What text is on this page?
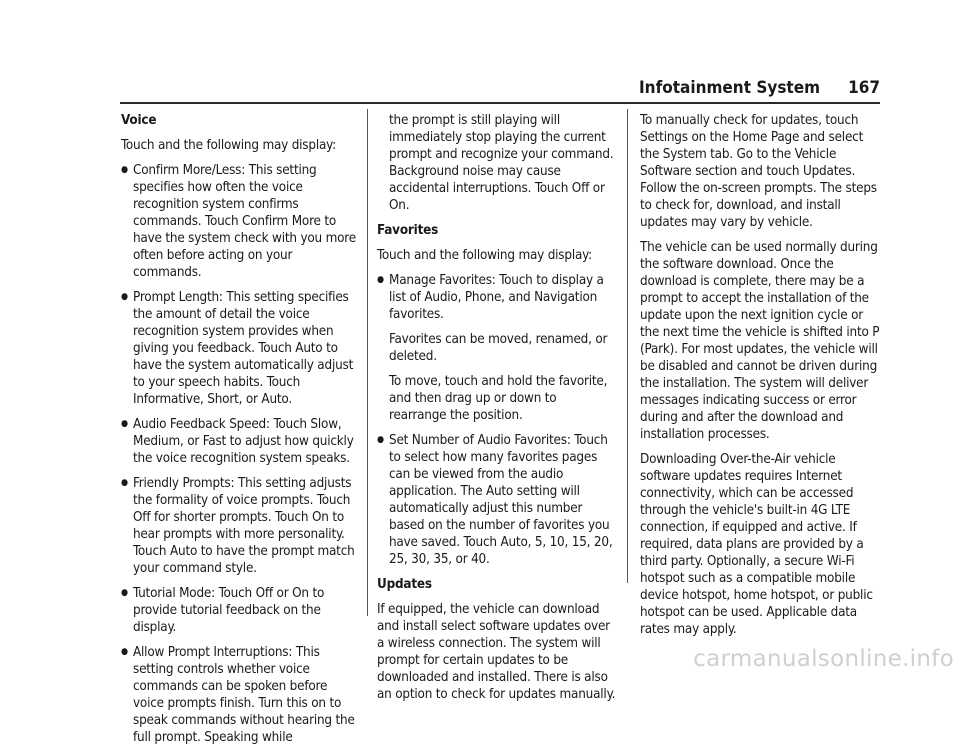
Infotainment System 167
Voice

Touch and the following may display:

● Confirm More/Less: This setting specifies how often the voice recognition system confirms commands. Touch Confirm More to have the system check with you more often before acting on your commands.
● Prompt Length: This setting specifies the amount of detail the voice recognition system provides when giving you feedback. Touch Auto to have the system automatically adjust to your speech habits. Touch Informative, Short, or Auto.
● Audio Feedback Speed: Touch Slow, Medium, or Fast to adjust how quickly the voice recognition system speaks.
● Friendly Prompts: This setting adjusts the formality of voice prompts. Touch Off for shorter prompts. Touch On to hear prompts with more personality. Touch Auto to have the prompt match your command style.
● Tutorial Mode: Touch Off or On to provide tutorial feedback on the display.
● Allow Prompt Interruptions: This setting controls whether voice commands can be spoken before voice prompts finish. Turn this on to speak commands without hearing the full prompt. Speaking while

the prompt is still playing will immediately stop playing the current prompt and recognize your command. Background noise may cause accidental interruptions. Touch Off or On.

Favorites

Touch and the following may display:

● Manage Favorites: Touch to display a list of Audio, Phone, and Navigation favorites.

Favorites can be moved, renamed, or deleted.

To move, touch and hold the favorite, and then drag up or down to rearrange the position.

● Set Number of Audio Favorites: Touch to select how many favorites pages can be viewed from the audio application. The Auto setting will automatically adjust this number based on the number of favorites you have saved. Touch Auto, 5, 10, 15, 20, 25, 30, 35, or 40.
Updates

If equipped, the vehicle can download and install select software updates over a wireless connection. The system will prompt for certain updates to be downloaded and installed. There is also an option to check for updates manually.

To manually check for updates, touch Settings on the Home Page and select the System tab. Go to the Vehicle Software section and touch Updates. Follow the on-screen prompts. The steps to check for, download, and install updates may vary by vehicle.

The vehicle can be used normally during the software download. Once the download is complete, there may be a prompt to accept the installation of the update upon the next ignition cycle or the next time the vehicle is shifted into P (Park). For most updates, the vehicle will be disabled and cannot be driven during the installation. The system will deliver messages indicating success or error during and after the download and installation processes.

Downloading Over-the-Air vehicle software updates requires Internet connectivity, which can be accessed through the vehicle's built-in 4G LTE connection, if equipped and active. If required, data plans are provided by a third party. Optionally, a secure Wi-Fi hotspot such as a compatible mobile device hotspot, home hotspot, or public hotspot can be used. Applicable data rates may apply.

carmanualsonline.info
